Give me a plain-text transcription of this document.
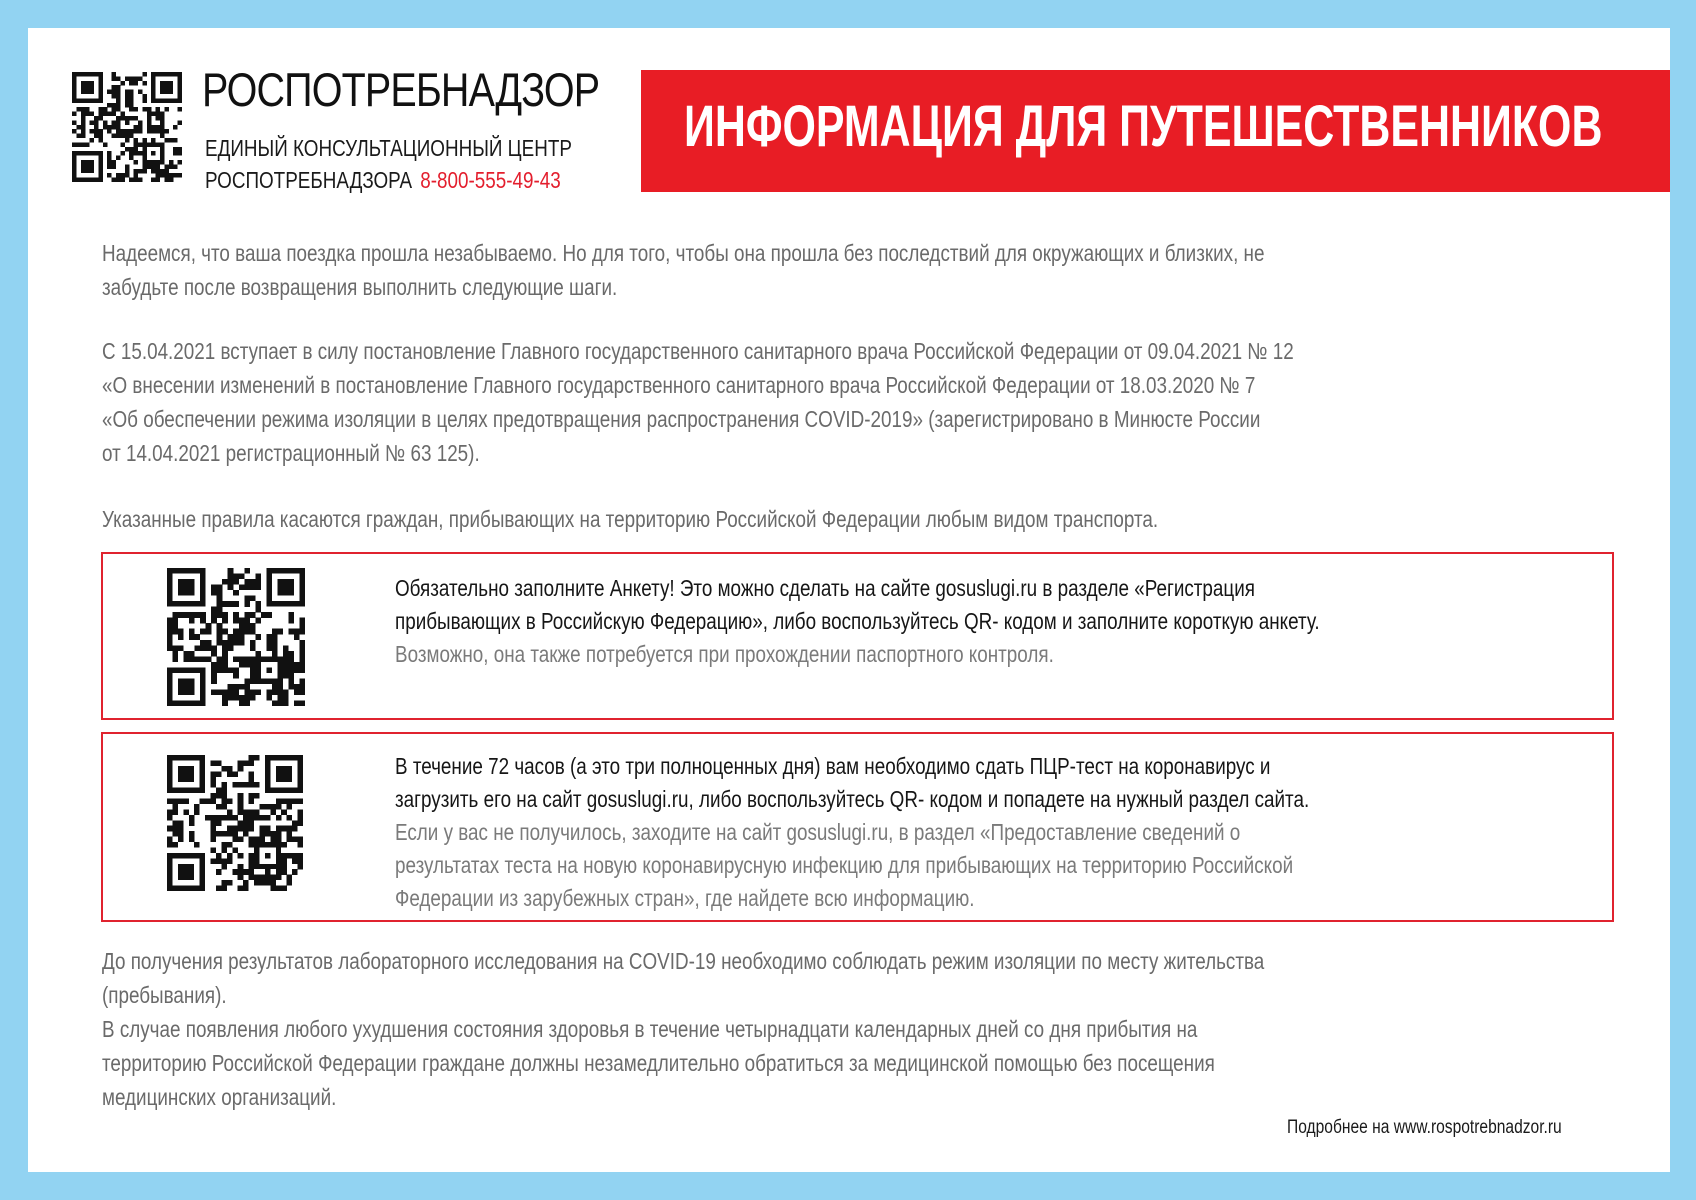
РОСПОТРЕБНАДЗОР
ЕДИНЫЙ КОНСУЛЬТАЦИОННЫЙ ЦЕНТР
РОСПОТРЕБНАДЗОРА 8-800-555-49-43
ИНФОРМАЦИЯ ДЛЯ ПУТЕШЕСТВЕННИКОВ
Надеемся, что ваша поездка прошла незабываемо. Но для того, чтобы она прошла без последствий для окружающих и близких, не
забудьте после возвращения выполнить следующие шаги.
С 15.04.2021 вступает в силу постановление Главного государственного санитарного врача Российской Федерации от 09.04.2021 № 12
«О внесении изменений в постановление Главного государственного санитарного врача Российской Федерации от 18.03.2020 № 7
«Об обеспечении режима изоляции в целях предотвращения распространения COVID-2019» (зарегистрировано в Минюсте России
от 14.04.2021 регистрационный № 63 125).
Указанные правила касаются граждан, прибывающих на территорию Российской Федерации любым видом транспорта.
Обязательно заполните Анкету! Это можно сделать на сайте gosuslugi.ru в разделе «Регистрация
прибывающих в Российскую Федерацию», либо воспользуйтесь QR- кодом и заполните короткую анкету.
Возможно, она также потребуется при прохождении паспортного контроля.
В течение 72 часов (а это три полноценных дня) вам необходимо сдать ПЦР-тест на коронавирус и
загрузить его на сайт gosuslugi.ru, либо воспользуйтесь QR- кодом и попадете на нужный раздел сайта.
Если у вас не получилось, заходите на сайт gosuslugi.ru, в раздел «Предоставление сведений о
результатах теста на новую коронавирусную инфекцию для прибывающих на территорию Российской
Федерации из зарубежных стран», где найдете всю информацию.
До получения результатов лабораторного исследования на COVID-19 необходимо соблюдать режим изоляции по месту жительства
(пребывания).
В случае появления любого ухудшения состояния здоровья в течение четырнадцати календарных дней со дня прибытия на
территорию Российской Федерации граждане должны незамедлительно обратиться за медицинской помощью без посещения
медицинских организаций.
Подробнее на www.rospotrebnadzor.ru
